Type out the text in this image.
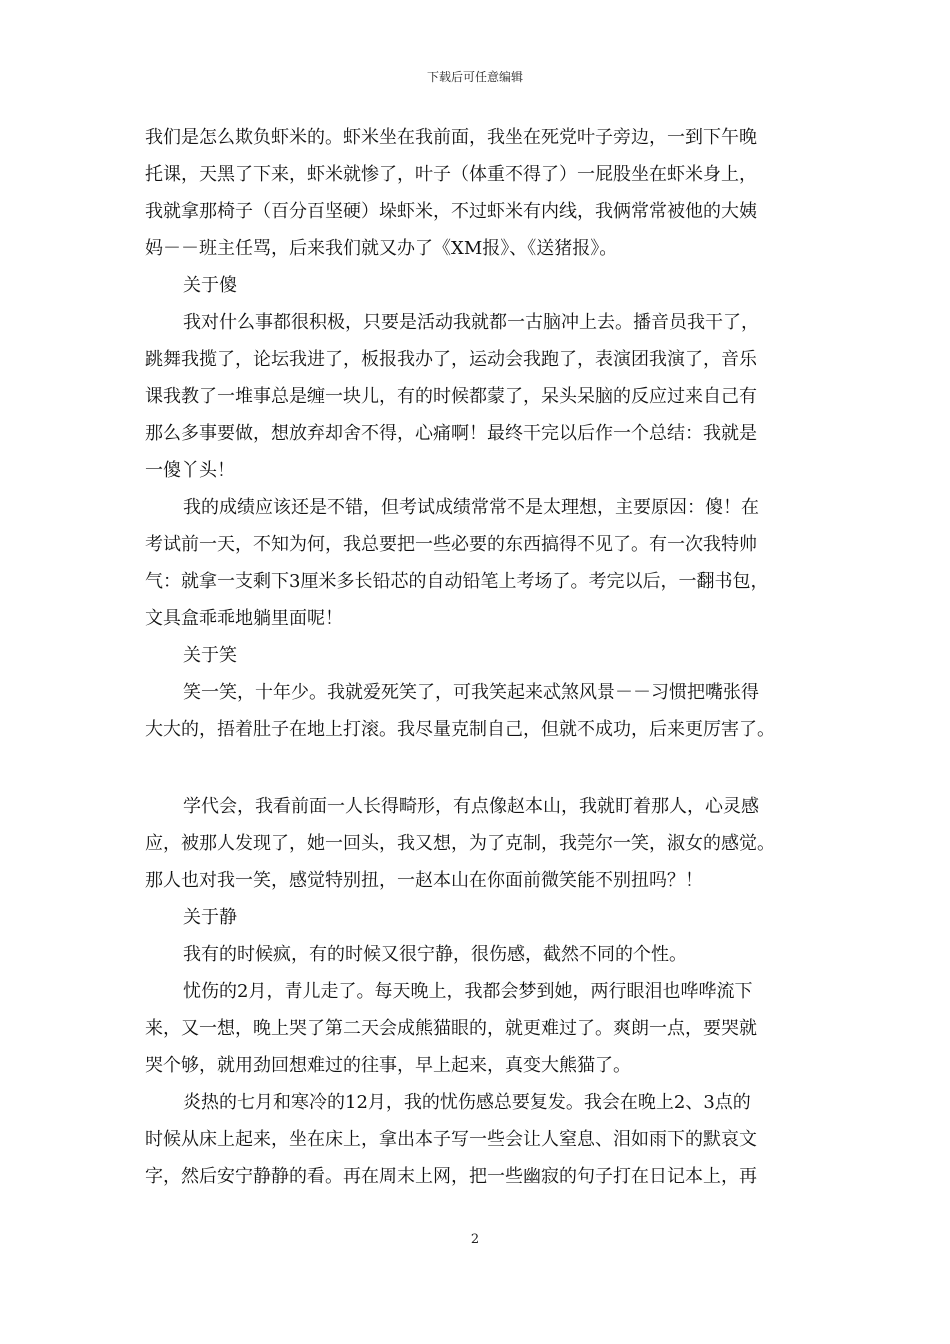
下载后可任意编辑
我们是怎么欺负虾米的。虾米坐在我前面，我坐在死党叶子旁边，一到下午晚
托课，天黑了下来，虾米就惨了，叶子（体重不得了）一屁股坐在虾米身上，
我就拿那椅子（百分百坚硬）垛虾米，不过虾米有内线，我俩常常被他的大姨
妈－－班主任骂，后来我们就又办了《XM报》、《送猪报》。
关于傻
我对什么事都很积极，只要是活动我就都一古脑冲上去。播音员我干了，
跳舞我揽了，论坛我进了，板报我办了，运动会我跑了，表演团我演了，音乐
课我教了一堆事总是缠一块儿，有的时候都蒙了，呆头呆脑的反应过来自己有
那么多事要做，想放弃却舍不得，心痛啊！最终干完以后作一个总结：我就是
一傻丫头！
我的成绩应该还是不错，但考试成绩常常不是太理想，主要原因：傻！在
考试前一天，不知为何，我总要把一些必要的东西搞得不见了。有一次我特帅
气：就拿一支剩下3厘米多长铅芯的自动铅笔上考场了。考完以后，一翻书包，
文具盒乖乖地躺里面呢！
关于笑
笑一笑，十年少。我就爱死笑了，可我笑起来忒煞风景－－习惯把嘴张得
大大的，捂着肚子在地上打滚。我尽量克制自己，但就不成功，后来更厉害了。
学代会，我看前面一人长得畸形，有点像赵本山，我就盯着那人，心灵感
应，被那人发现了，她一回头，我又想，为了克制，我莞尔一笑，淑女的感觉。
那人也对我一笑，感觉特别扭，一赵本山在你面前微笑能不别扭吗？！
关于静
我有的时候疯，有的时候又很宁静，很伤感，截然不同的个性。
忧伤的2月，青儿走了。每天晚上，我都会梦到她，两行眼泪也哗哗流下
来，又一想，晚上哭了第二天会成熊猫眼的，就更难过了。爽朗一点，要哭就
哭个够，就用劲回想难过的往事，早上起来，真变大熊猫了。
炎热的七月和寒冷的12月，我的忧伤感总要复发。我会在晚上2、3点的
时候从床上起来，坐在床上，拿出本子写一些会让人窒息、泪如雨下的默哀文
字，然后安宁静静的看。再在周末上网，把一些幽寂的句子打在日记本上，再
2
